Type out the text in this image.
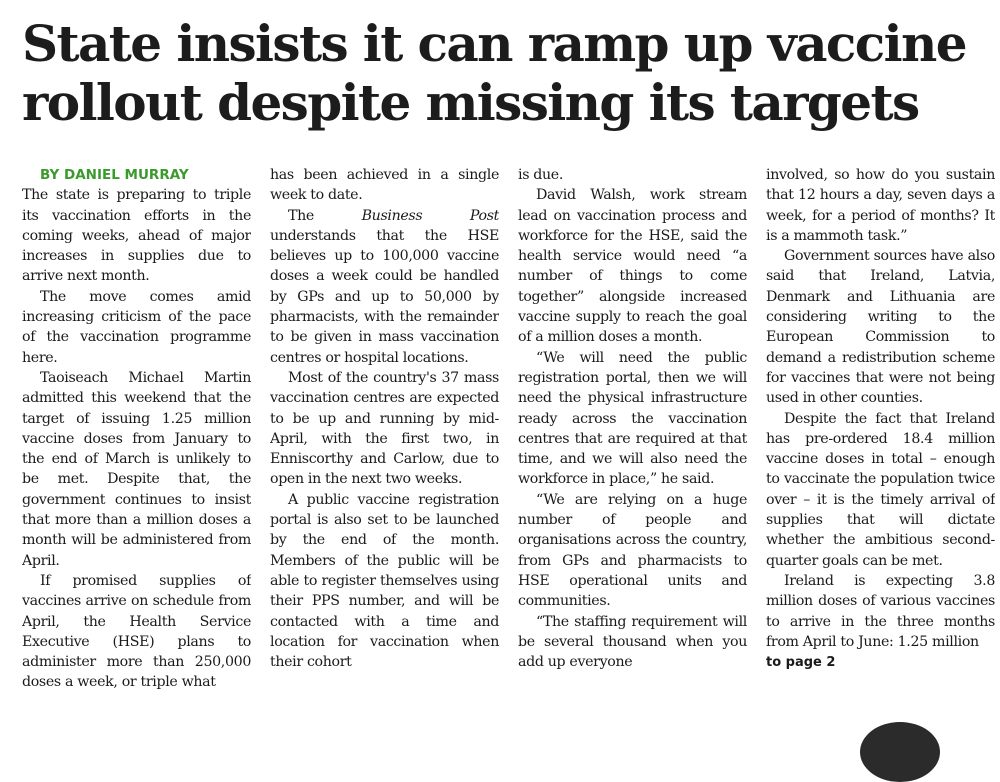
State insists it can ramp up vaccine rollout despite missing its targets

BY DANIEL MURRAY

The state is preparing to triple its vaccination efforts in the coming weeks, ahead of major increases in supplies due to arrive next month.

The move comes amid increasing criticism of the pace of the vaccination programme here.

Taoiseach Michael Martin admitted this weekend that the target of issuing 1.25 million vaccine doses from January to the end of March is unlikely to be met. Despite that, the government continues to insist that more than a million doses a month will be administered from April.

If promised supplies of vaccines arrive on schedule from April, the Health Service Executive (HSE) plans to administer more than 250,000 doses a week, or triple what

has been achieved in a single week to date.

The Business Post understands that the HSE believes up to 100,000 vaccine doses a week could be handled by GPs and up to 50,000 by pharmacists, with the remainder to be given in mass vaccination centres or hospital locations.

Most of the country's 37 mass vaccination centres are expected to be up and running by mid-April, with the first two, in Enniscorthy and Carlow, due to open in the next two weeks.

A public vaccine registration portal is also set to be launched by the end of the month. Members of the public will be able to register themselves using their PPS number, and will be contacted with a time and location for vaccination when their cohort

is due.

David Walsh, work stream lead on vaccination process and workforce for the HSE, said the health service would need “a number of things to come together” alongside increased vaccine supply to reach the goal of a million doses a month.

“We will need the public registration portal, then we will need the physical infrastructure ready across the vaccination centres that are required at that time, and we will also need the workforce in place,” he said.

“We are relying on a huge number of people and organisations across the country, from GPs and pharmacists to HSE operational units and communities.

“The staffing requirement will be several thousand when you add up everyone

involved, so how do you sustain that 12 hours a day, seven days a week, for a period of months? It is a mammoth task.”

Government sources have also said that Ireland, Latvia, Denmark and Lithuania are considering writing to the European Commission to demand a redistribution scheme for vaccines that were not being used in other counties.

Despite the fact that Ireland has pre-ordered 18.4 million vaccine doses in total – enough to vaccinate the population twice over – it is the timely arrival of supplies that will dictate whether the ambitious second-quarter goals can be met.

Ireland is expecting 3.8 million doses of various vaccines to arrive in the three months from April to June: 1.25 million

to page 2
